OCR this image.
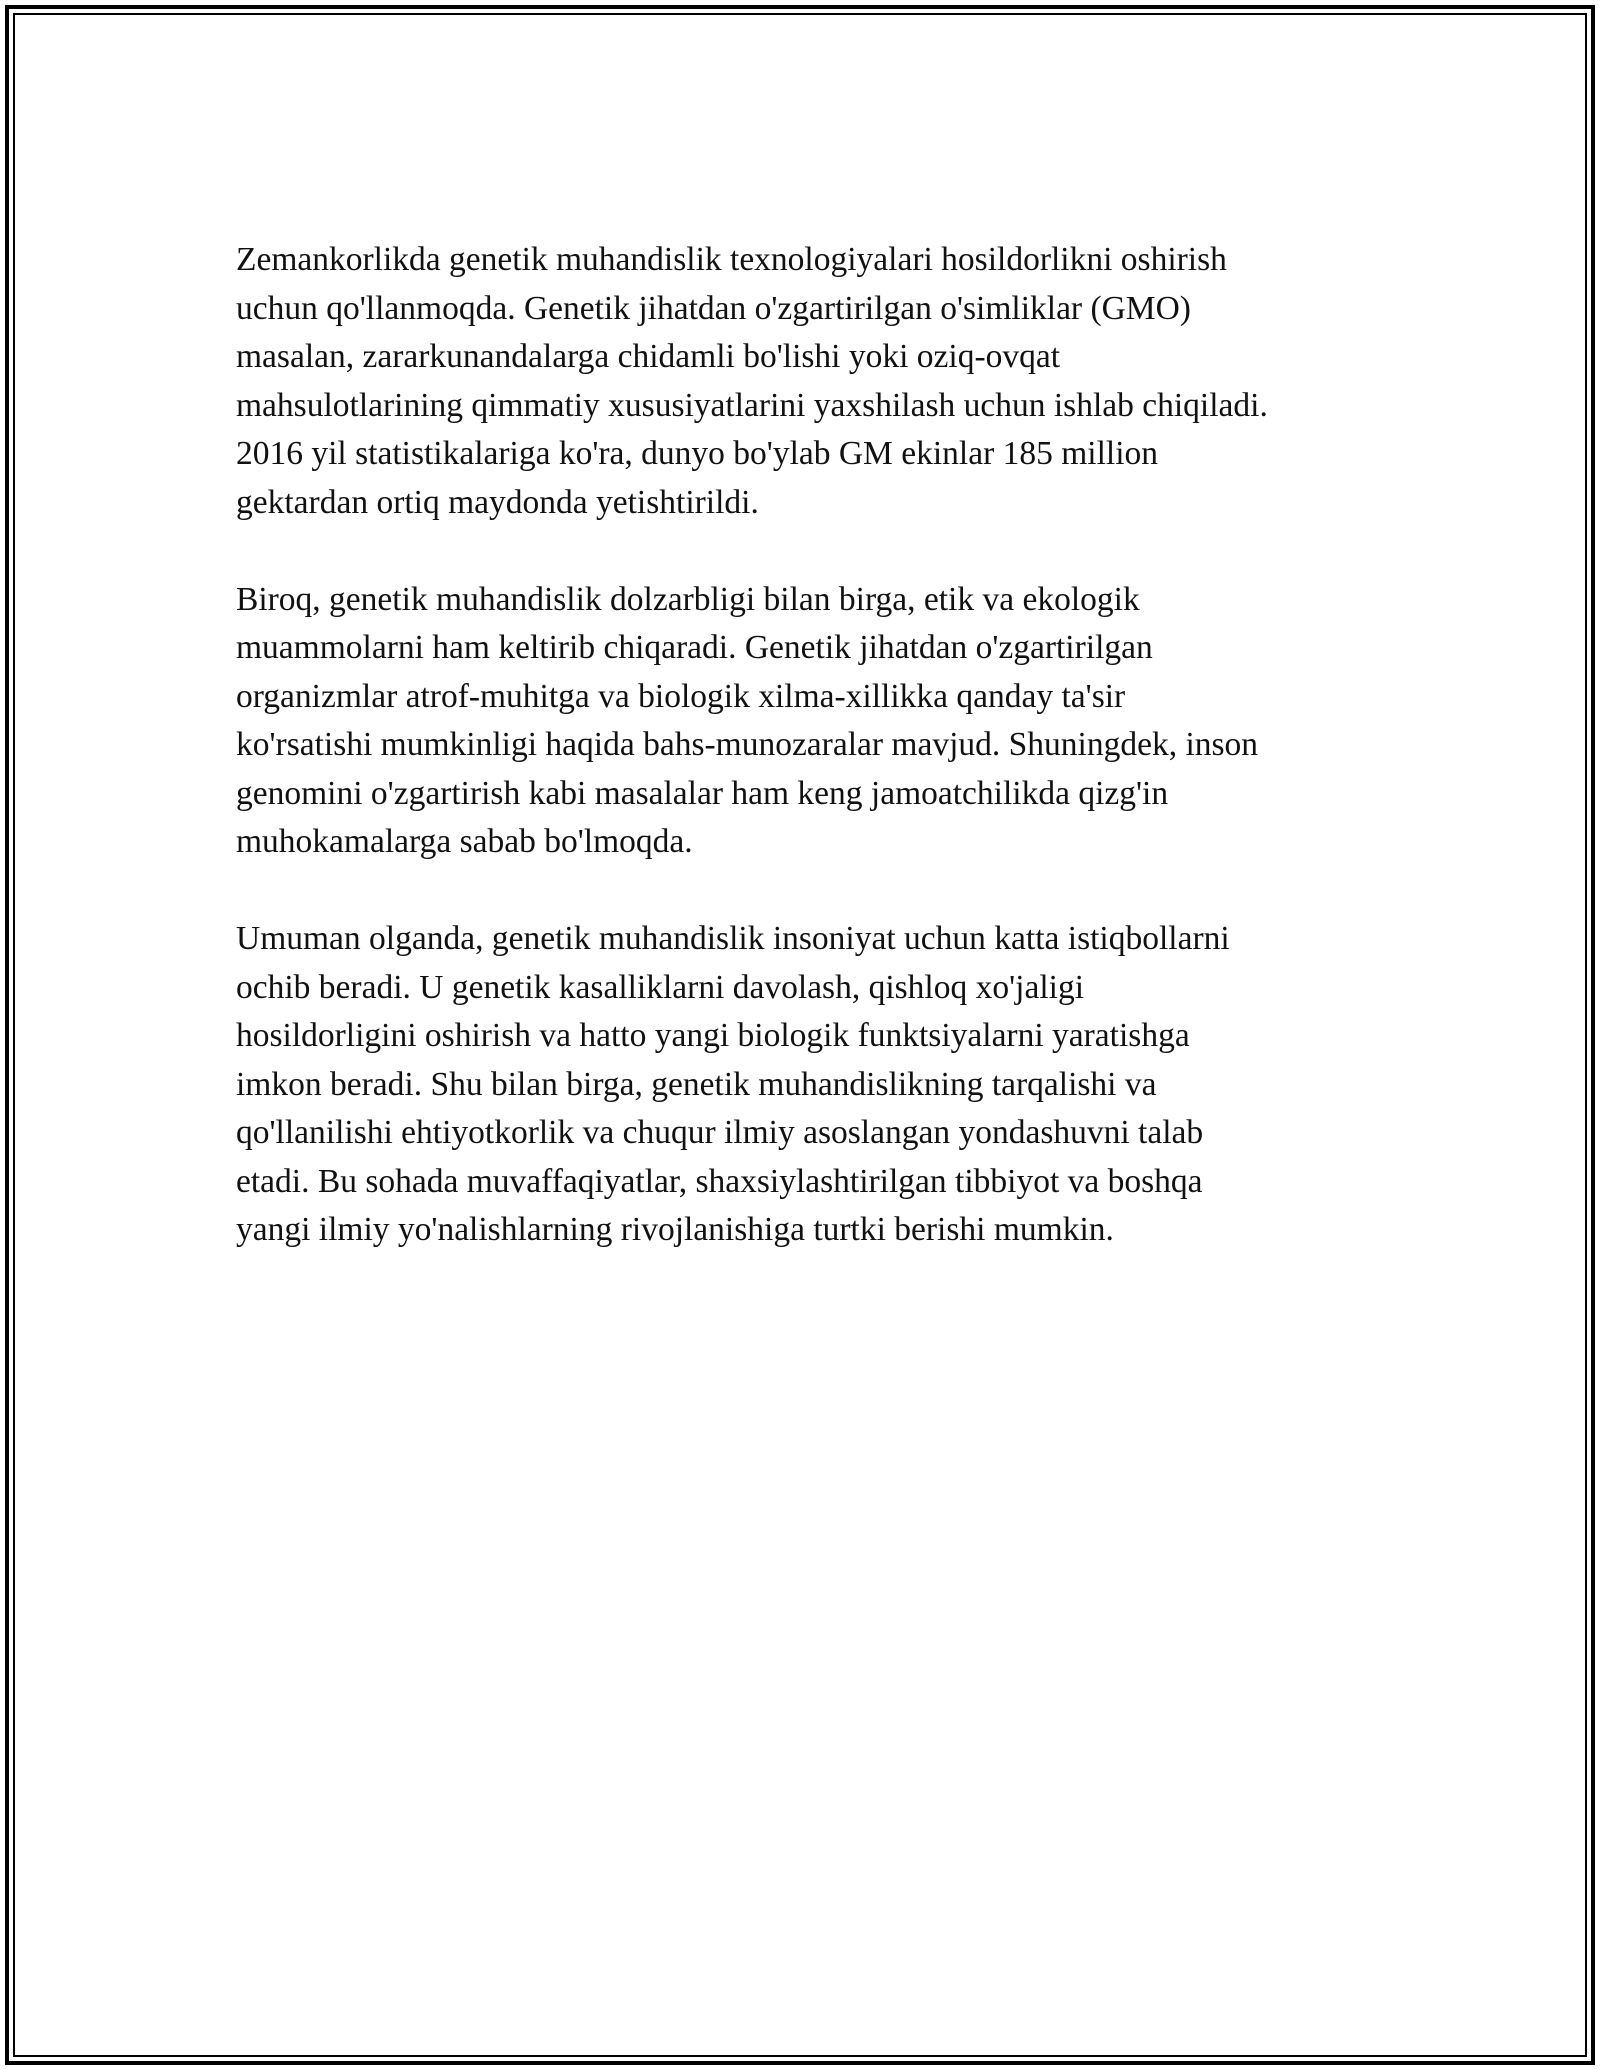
Zemankorlikda genetik muhandislik texnologiyalari hosildorlikni oshirish
uchun qo'llanmoqda. Genetik jihatdan o'zgartirilgan o'simliklar (GMO)
masalan, zararkunandalarga chidamli bo'lishi yoki oziq-ovqat
mahsulotlarining qimmatiy xususiyatlarini yaxshilash uchun ishlab chiqiladi.
2016 yil statistikalariga ko'ra, dunyo bo'ylab GM ekinlar 185 million
gektardan ortiq maydonda yetishtirildi.

Biroq, genetik muhandislik dolzarbligi bilan birga, etik va ekologik
muammolarni ham keltirib chiqaradi. Genetik jihatdan o'zgartirilgan
organizmlar atrof-muhitga va biologik xilma-xillikka qanday ta'sir
ko'rsatishi mumkinligi haqida bahs-munozaralar mavjud. Shuningdek, inson
genomini o'zgartirish kabi masalalar ham keng jamoatchilikda qizg'in
muhokamalarga sabab bo'lmoqda.

Umuman olganda, genetik muhandislik insoniyat uchun katta istiqbollarni
ochib beradi. U genetik kasalliklarni davolash, qishloq xo'jaligi
hosildorligini oshirish va hatto yangi biologik funktsiyalarni yaratishga
imkon beradi. Shu bilan birga, genetik muhandislikning tarqalishi va
qo'llanilishi ehtiyotkorlik va chuqur ilmiy asoslangan yondashuvni talab
etadi. Bu sohada muvaffaqiyatlar, shaxsiylashtirilgan tibbiyot va boshqa
yangi ilmiy yo'nalishlarning rivojlanishiga turtki berishi mumkin.
